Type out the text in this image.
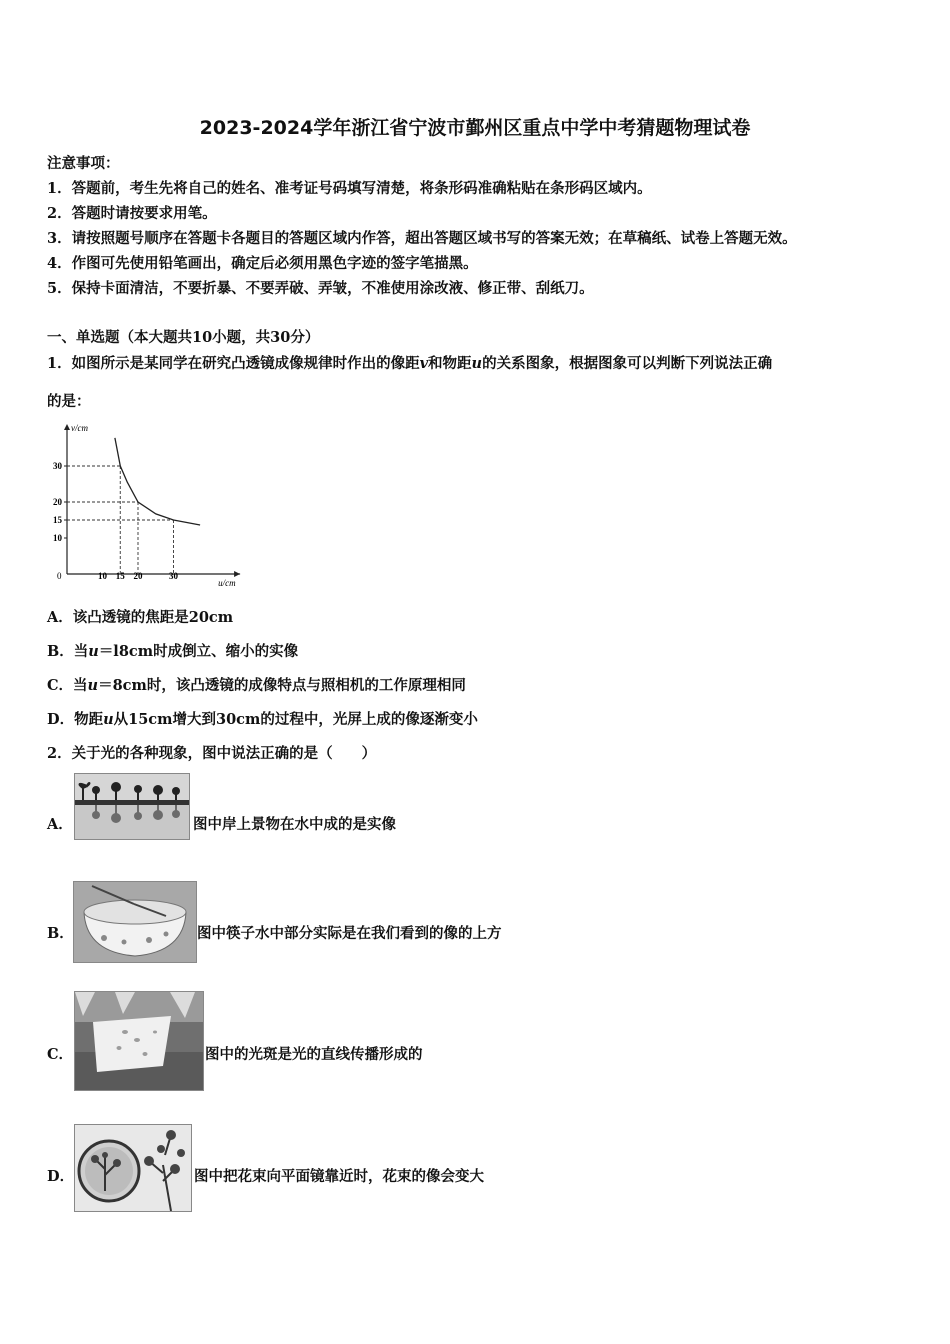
2023-2024学年浙江省宁波市鄞州区重点中学中考猜题物理试卷
注意事项：
1．答题前，考生先将自己的姓名、准考证号码填写清楚，将条形码准确粘贴在条形码区域内。
2．答题时请按要求用笔。
3．请按照题号顺序在答题卡各题目的答题区域内作答，超出答题区域书写的答案无效；在草稿纸、试卷上答题无效。
4．作图可先使用铅笔画出，确定后必须用黑色字迹的签字笔描黑。
5．保持卡面清洁，不要折暴、不要弄破、弄皱，不准使用涂改液、修正带、刮纸刀。
一、单选题（本大题共10小题，共30分）
1．如图所示是某同学在研究凸透镜成像规律时作出的像距v和物距u的关系图象，根据图象可以判断下列说法正确
的是：
v/cm
u/cm
0	10 15 20	30
10
15
20
30
A．该凸透镜的焦距是20cm
B．当u＝l8cm时成倒立、缩小的实像
C．当u＝8cm时，该凸透镜的成像特点与照相机的工作原理相同
D．物距u从15cm增大到30cm的过程中，光屏上成的像逐渐变小
2．关于光的各种现象，图中说法正确的是（　　）
A．	图中岸上景物在水中成的是实像
B．	图中筷子水中部分实际是在我们看到的像的上方
C．	图中的光斑是光的直线传播形成的
D．	图中把花束向平面镜靠近时，花束的像会变大
